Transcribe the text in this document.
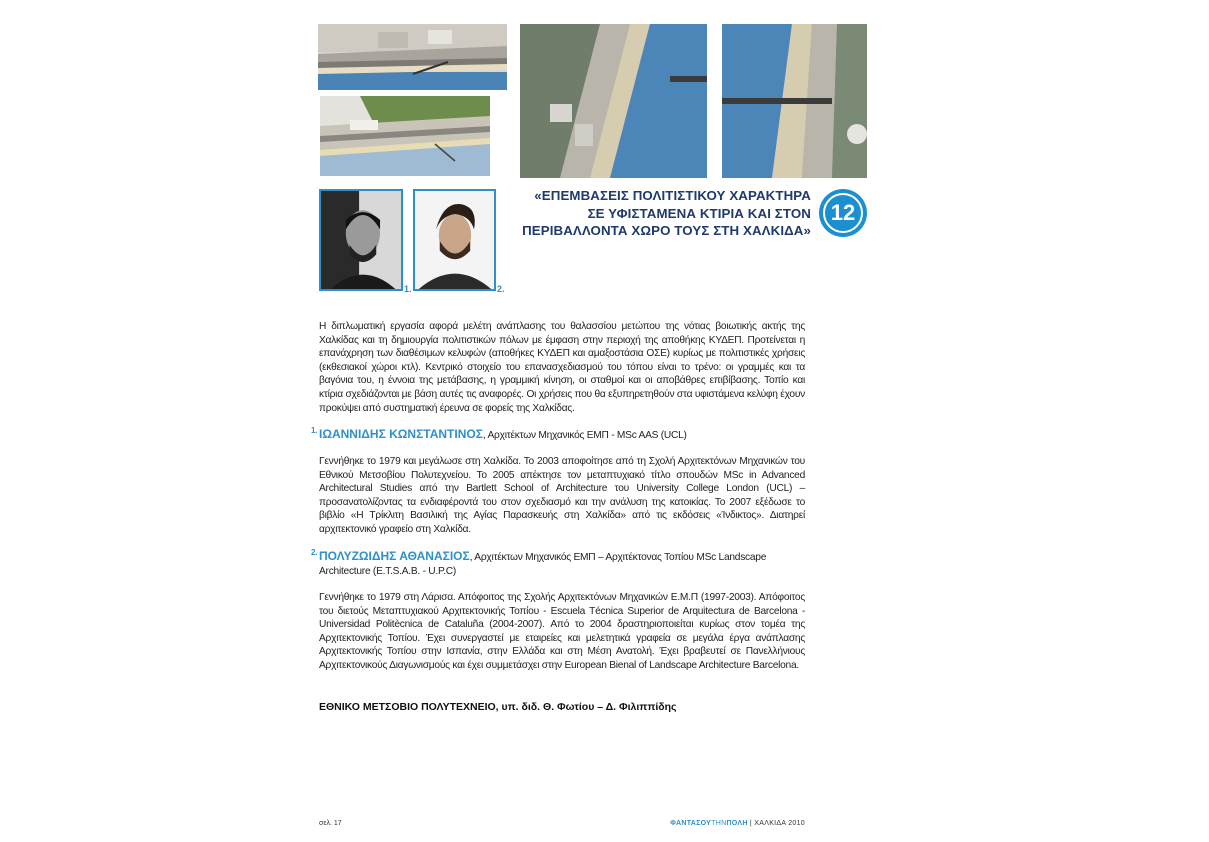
1.	2.
«ΕΠΕΜΒΑΣΕΙΣ ΠΟΛΙΤΙΣΤΙΚΟΥ ΧΑΡΑΚΤΗΡΑ
ΣΕ ΥΦΙΣΤΑΜΕΝΑ ΚΤΙΡΙΑ ΚΑΙ ΣΤΟΝ
ΠΕΡΙΒΑΛΛΟΝΤΑ ΧΩΡΟ ΤΟΥΣ ΣΤΗ ΧΑΛΚΙΔΑ»
12
Η διπλωματική εργασία αφορά μελέτη ανάπλασης του θαλασσίου μετώπου της νότιας βοιωτικής ακτής της Χαλκίδας και τη δημιουργία πολιτιστικών πόλων με έμφαση στην περιοχή της αποθήκης ΚΥΔΕΠ. Προτείνεται η επανάχρηση των διαθέσιμων κελυφών (αποθήκες ΚΥΔΕΠ και αμαξοστάσια ΟΣΕ) κυρίως με πολιτιστικές χρήσεις (εκθεσιακοί χώροι κτλ). Κεντρικό στοιχείο του επανασχεδιασμού του τόπου είναι το τρένο: οι γραμμές και τα βαγόνια του, η έννοια της μετάβασης, η γραμμική κίνηση, οι σταθμοί και οι αποβάθρες επιβίβασης. Τοπίο και κτίρια σχεδιάζονται με βάση αυτές τις αναφορές. Οι χρήσεις που θα εξυπηρετηθούν στα υφιστάμενα κελύφη έχουν προκύψει από συστηματική έρευνα σε φορείς της Χαλκίδας.
1. ΙΩΑΝΝΙΔΗΣ ΚΩΝΣΤΑΝΤΙΝΟΣ, Αρχιτέκτων Μηχανικός ΕΜΠ - MSc AAS (UCL)
Γεννήθηκε το 1979 και μεγάλωσε στη Χαλκίδα. Το 2003 αποφοίτησε από τη Σχολή Αρχιτεκτόνων Μηχανικών του Εθνικού Μετσοβίου Πολυτεχνείου. Το 2005 απέκτησε τον μεταπτυχιακό τίτλο σπουδών MSc in Advanced Architectural Studies από την Bartlett School of Architecture του University College London (UCL) – προσανατολίζοντας τα ενδιαφέροντά του στον σχεδιασμό και την ανάλυση της κατοικίας. Το 2007 εξέδωσε το βιβλίο «Η Τρίκλιτη Βασιλική της Αγίας Παρασκευής στη Χαλκίδα» από τις εκδόσεις «Ίνδικτος». Διατηρεί αρχιτεκτονικό γραφείο στη Χαλκίδα.
2. ΠΟΛΥΖΩΙΔΗΣ ΑΘΑΝΑΣΙΟΣ, Αρχιτέκτων Μηχανικός ΕΜΠ – Αρχιτέκτονας Τοπίου MSc Landscape Architecture (E.T.S.A.B. - U.P.C)
Γεννήθηκε το 1979 στη Λάρισα. Απόφοιτος της Σχολής Αρχιτεκτόνων Μηχανικών Ε.Μ.Π (1997-2003). Απόφοιτος του διετούς Μεταπτυχιακού Αρχιτεκτονικής Τοπίου - Escuela Técnica Superior de Arquitectura de Barcelona - Universidad Politècnica de Cataluña (2004-2007). Από το 2004 δραστηριοποιείται κυρίως στον τομέα της Αρχιτεκτονικής Τοπίου. Έχει συνεργαστεί με εταιρείες και μελετητικά γραφεία σε μεγάλα έργα ανάπλασης Αρχιτεκτονικής Τοπίου στην Ισπανία, στην Ελλάδα και στη Μέση Ανατολή. Έχει βραβευτεί σε Πανελλήνιους Αρχιτεκτονικούς Διαγωνισμούς και έχει συμμετάσχει στην European Bienal of Landscape Architecture Barcelona.
ΕΘΝΙΚΟ ΜΕΤΣΟΒΙΟ ΠΟΛΥΤΕΧΝΕΙΟ, υπ. διδ. Θ. Φωτίου – Δ. Φιλιππίδης
σελ. 17	ΦΑΝΤΑΣΟΥΤΗΝΠΟΛΗ | ΧΑΛΚΙΔΑ 2010
